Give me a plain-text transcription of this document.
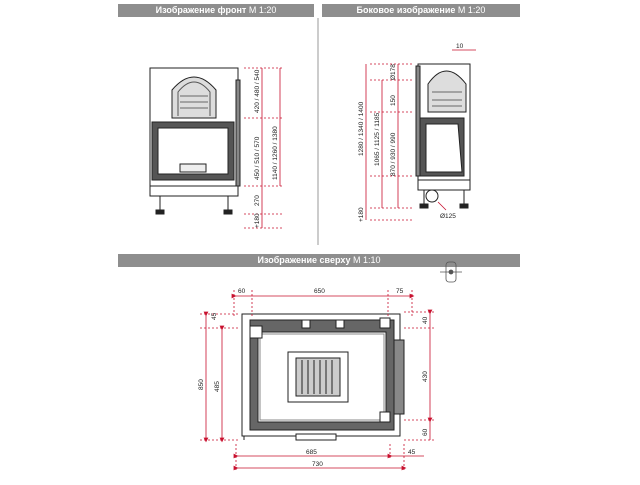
Изображение фронт M 1:20	Боковое изображение M 1:20
Изображение сверху M 1:10
420 / 480 / 540
450 / 510 / 570 1140 / 1260 / 1380
270
+180
10
Ø178
150
1280 / 1340 / 1400 1065 / 1125 / 1185 870 / 930 / 990
+180	Ø125
60	650	75
45
850 485
40
430
60
685
730
45
